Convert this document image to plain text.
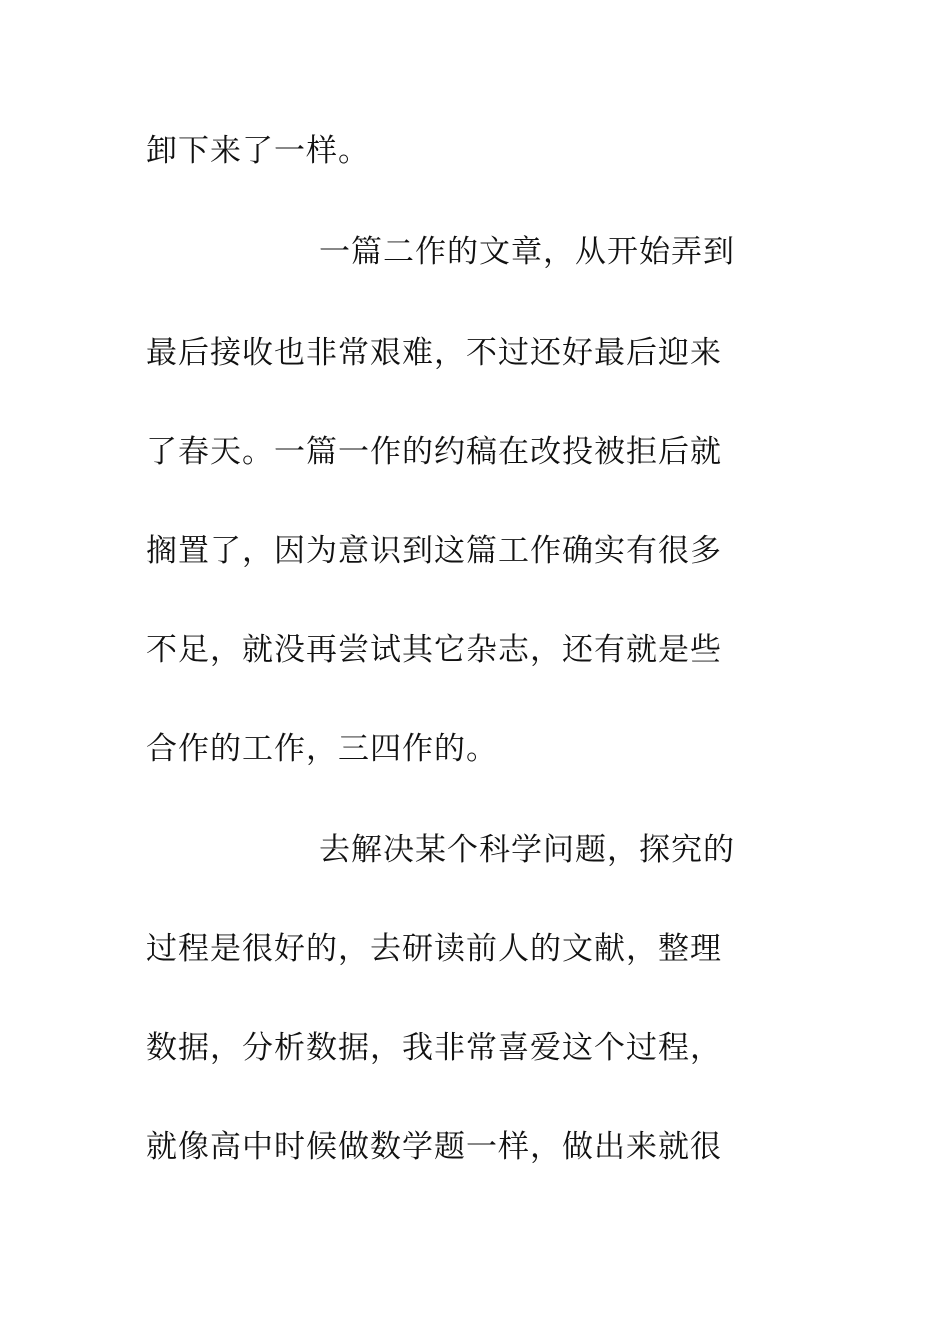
卸下来了一样。
一篇二作的文章，从开始弄到
最后接收也非常艰难，不过还好最后迎来
了春天。一篇一作的约稿在改投被拒后就
搁置了，因为意识到这篇工作确实有很多
不足，就没再尝试其它杂志，还有就是些
合作的工作，三四作的。
去解决某个科学问题，探究的
过程是很好的，去研读前人的文献，整理
数据，分析数据，我非常喜爱这个过程，
就像高中时候做数学题一样，做出来就很
